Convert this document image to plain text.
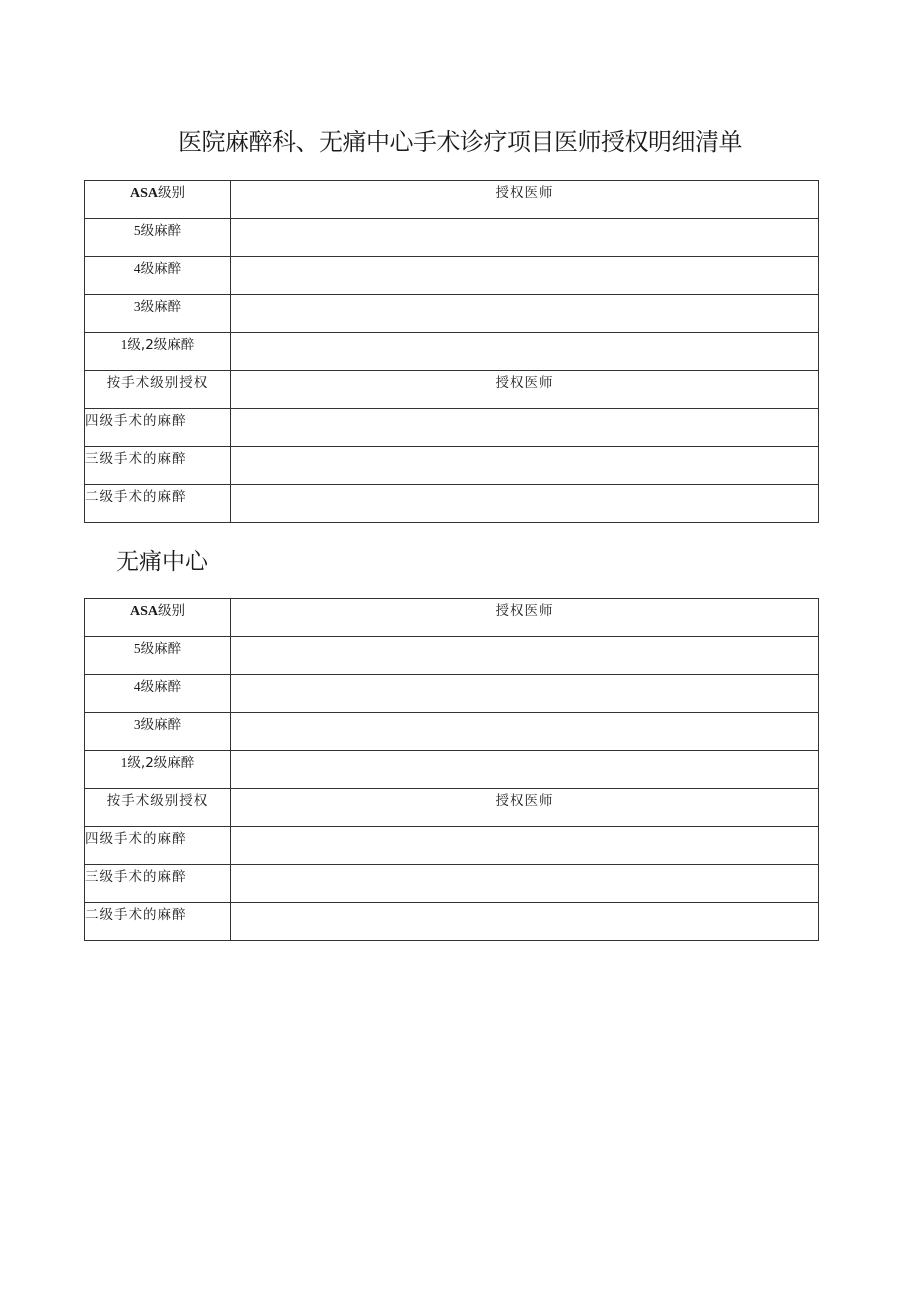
医院麻醉科、无痛中心手术诊疗项目医师授权明细清单
ASA级别	授权医师
5级麻醉	
4级麻醉	
3级麻醉	
1级,2级麻醉	
按手术级别授权	授权医师
四级手术的麻醉	
三级手术的麻醉	
二级手术的麻醉	
无痛中心
ASA级别	授权医师
5级麻醉	
4级麻醉	
3级麻醉	
1级,2级麻醉	
按手术级别授权	授权医师
四级手术的麻醉	
三级手术的麻醉	
二级手术的麻醉	
